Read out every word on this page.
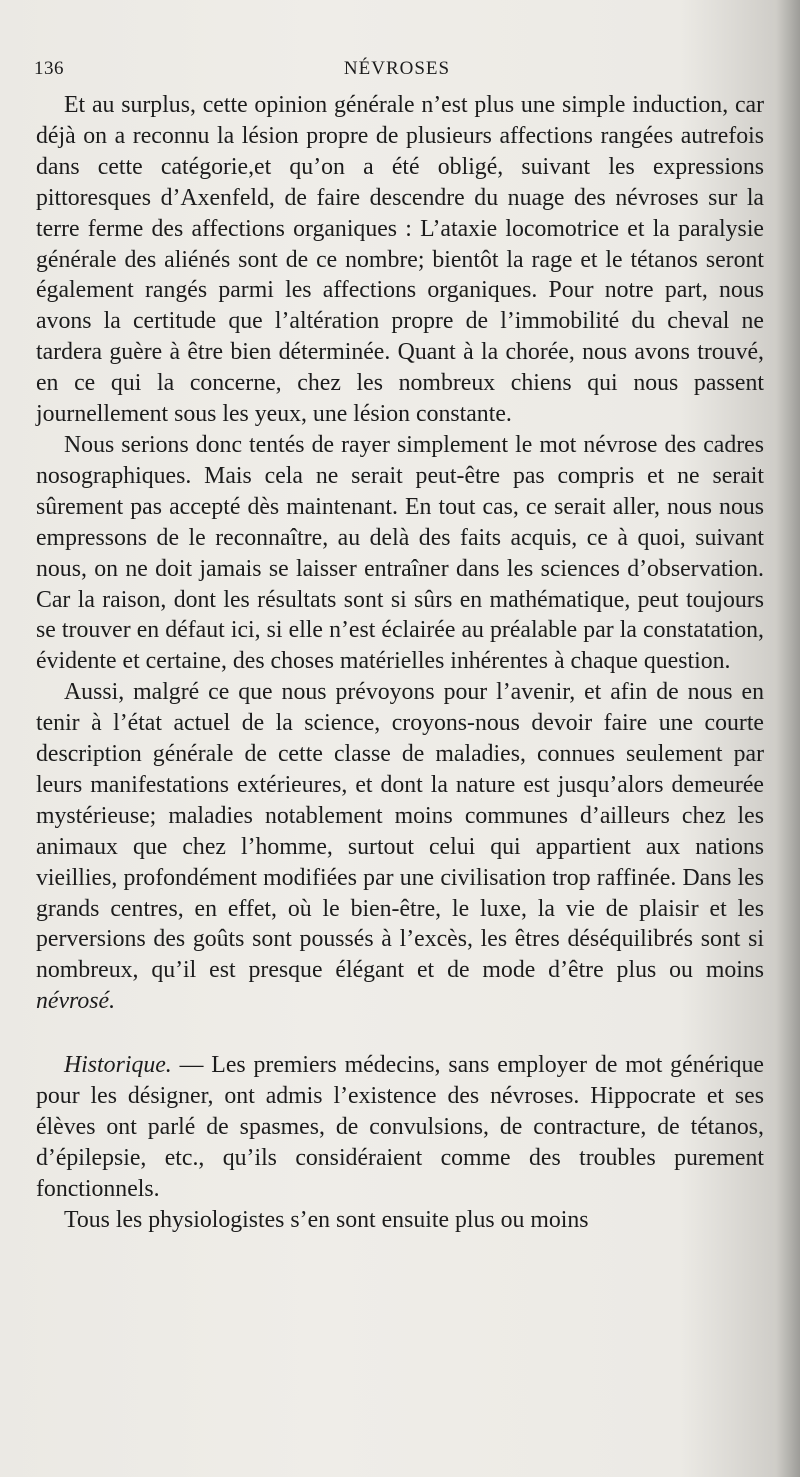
136	NÉVROSES

Et au surplus, cette opinion générale n’est plus une simple induction, car déjà on a reconnu la lésion propre de plusieurs affections rangées autrefois dans cette catégorie,et qu’on a été obligé, suivant les expressions pittoresques d’Axenfeld, de faire descendre du nuage des névroses sur la terre ferme des affections organiques : L’ataxie locomotrice et la paralysie générale des aliénés sont de ce nombre; bientôt la rage et le tétanos seront également rangés parmi les affections organiques. Pour notre part, nous avons la certitude que l’altération propre de l’immobilité du cheval ne tardera guère à être bien déterminée. Quant à la chorée, nous avons trouvé, en ce qui la concerne, chez les nombreux chiens qui nous passent journellement sous les yeux, une lésion constante.

Nous serions donc tentés de rayer simplement le mot névrose des cadres nosographiques. Mais cela ne serait peut-être pas compris et ne serait sûrement pas accepté dès maintenant. En tout cas, ce serait aller, nous nous empressons de le reconnaître, au delà des faits acquis, ce à quoi, suivant nous, on ne doit jamais se laisser entraîner dans les sciences d’observation. Car la raison, dont les résultats sont si sûrs en mathématique, peut toujours se trouver en défaut ici, si elle n’est éclairée au préalable par la constatation, évidente et certaine, des choses matérielles inhérentes à chaque question.

Aussi, malgré ce que nous prévoyons pour l’avenir, et afin de nous en tenir à l’état actuel de la science, croyons-nous devoir faire une courte description générale de cette classe de maladies, connues seulement par leurs manifestations extérieures, et dont la nature est jusqu’alors demeurée mystérieuse; maladies notablement moins communes d’ailleurs chez les animaux que chez l’homme, surtout celui qui appartient aux nations vieillies, profondément modifiées par une civilisation trop raffinée. Dans les grands centres, en effet, où le bien-être, le luxe, la vie de plaisir et les perversions des goûts sont poussés à l’excès, les êtres déséquilibrés sont si nombreux, qu’il est presque élégant et de mode d’être plus ou moins névrosé.

Historique. — Les premiers médecins, sans employer de mot générique pour les désigner, ont admis l’existence des névroses. Hippocrate et ses élèves ont parlé de spasmes, de convulsions, de contracture, de tétanos, d’épilepsie, etc., qu’ils considéraient comme des troubles purement fonctionnels.

Tous les physiologistes s’en sont ensuite plus ou moins
